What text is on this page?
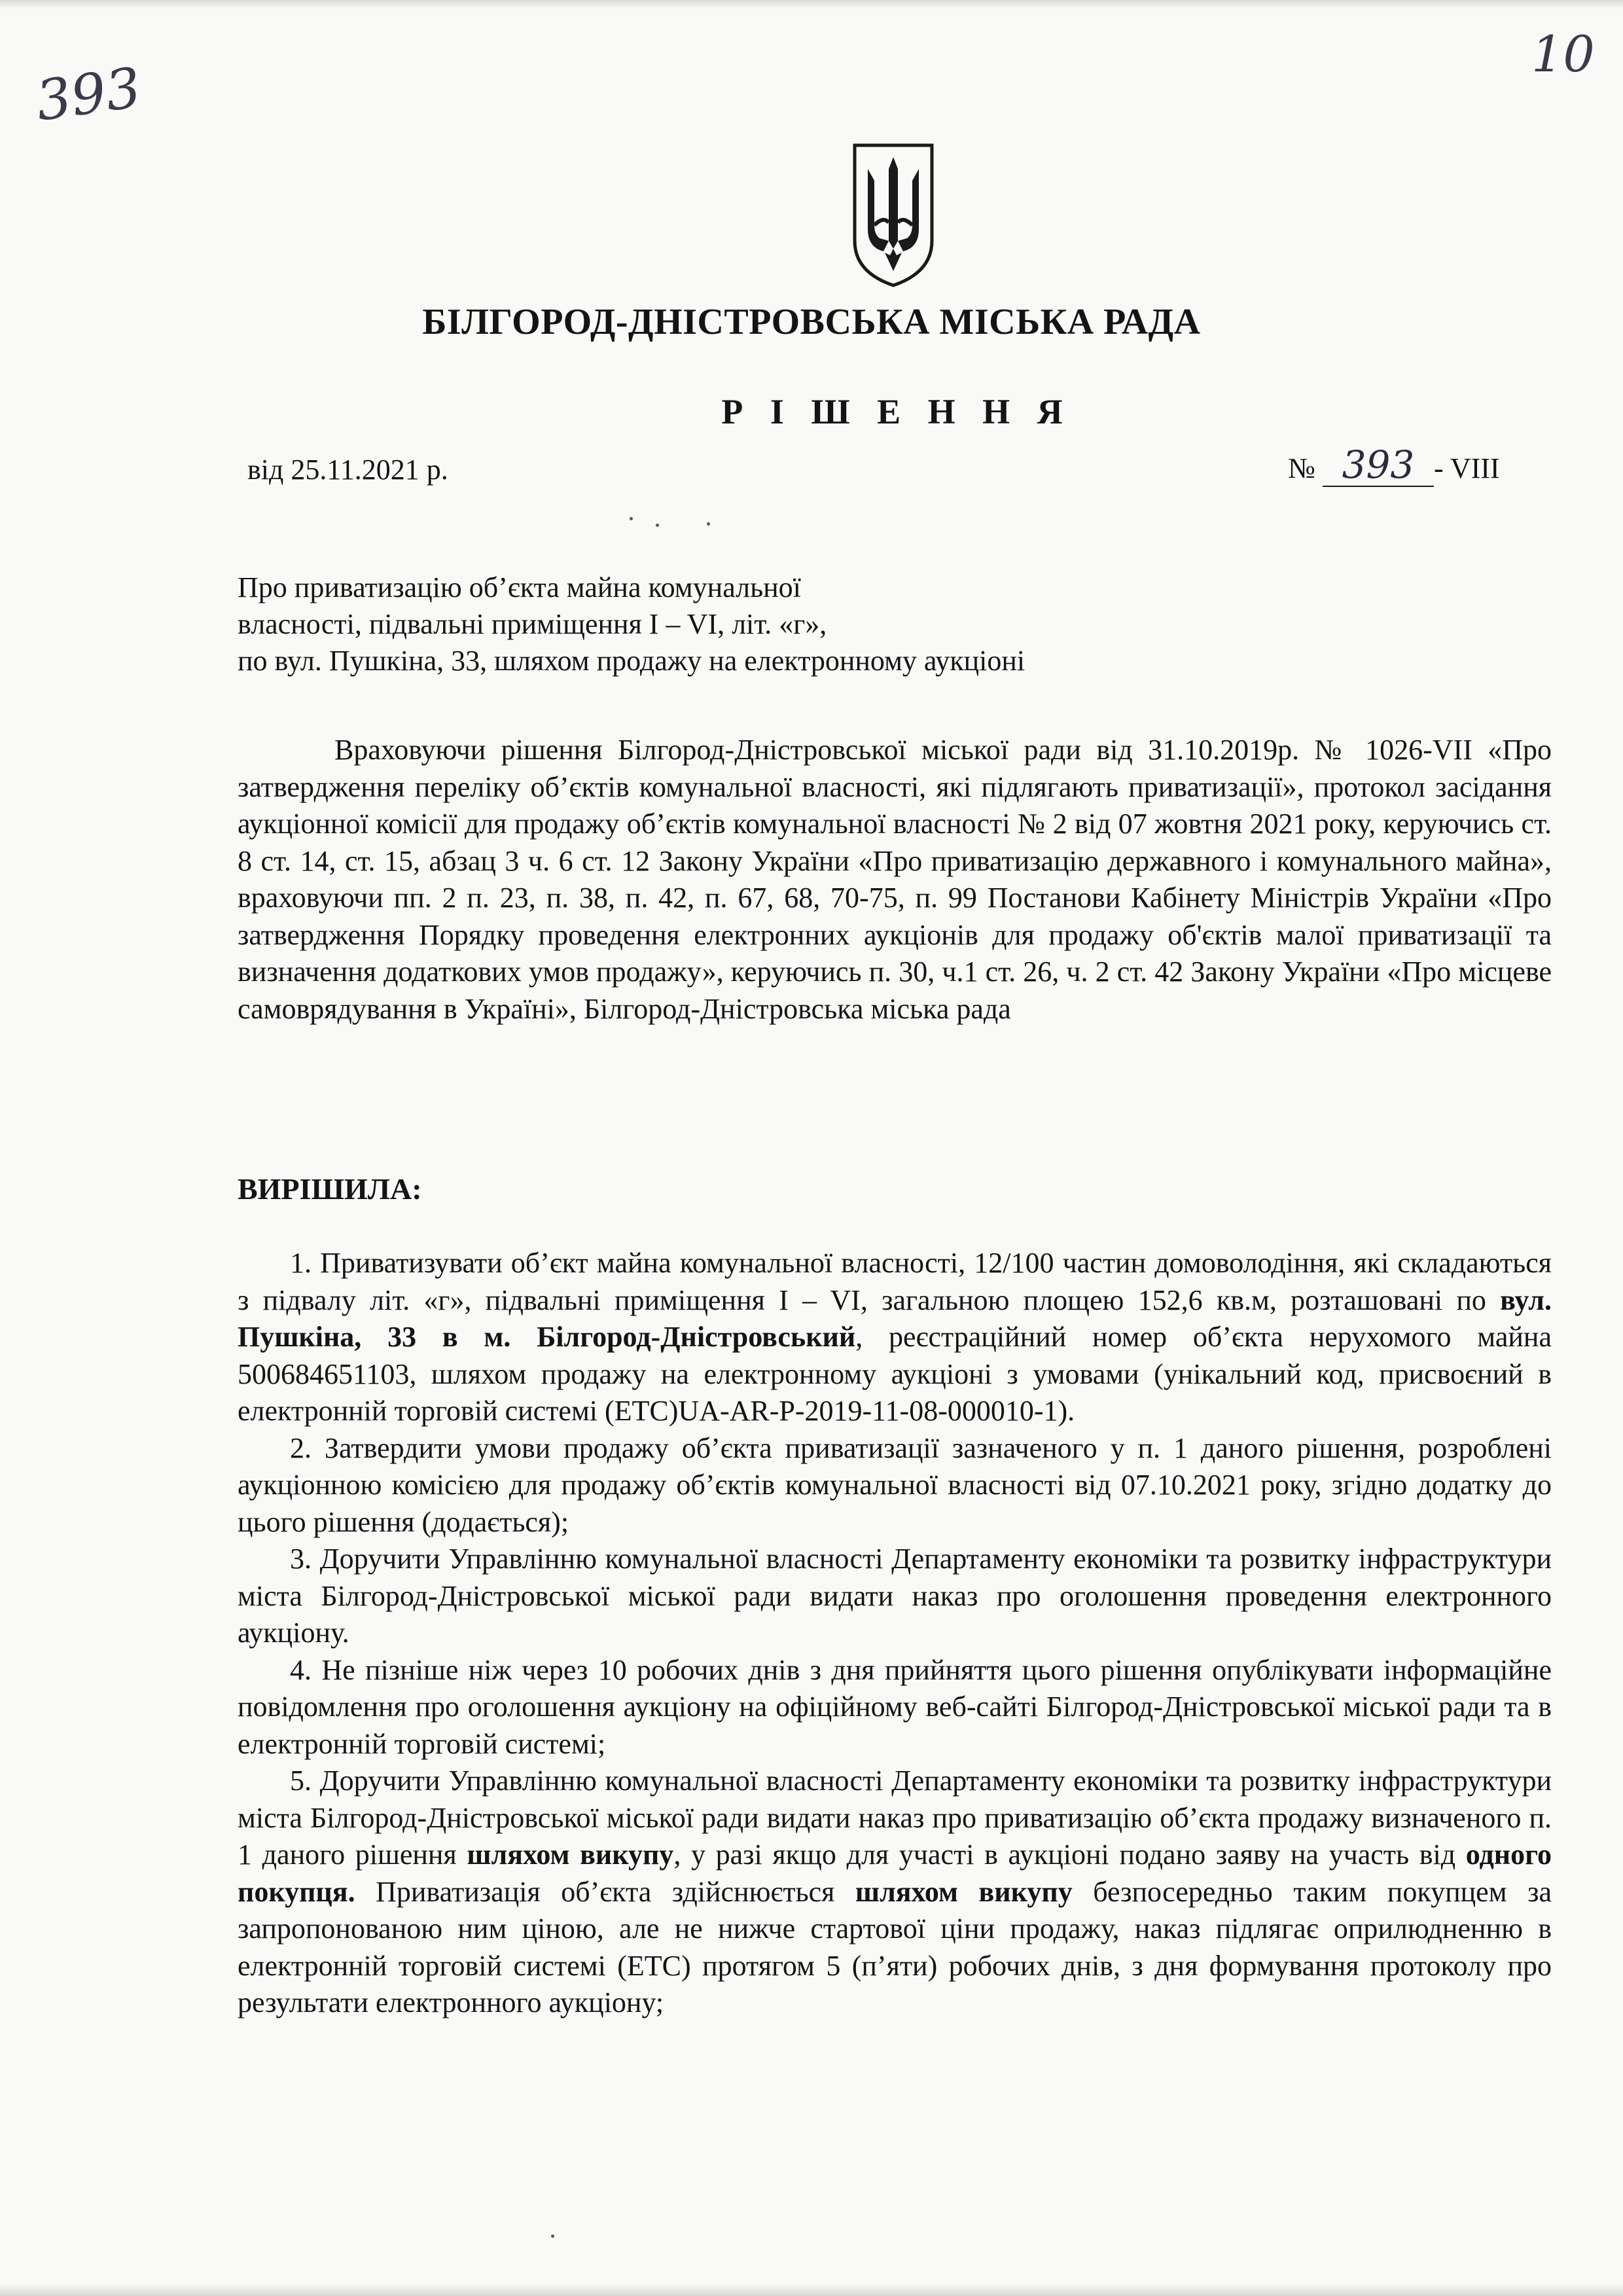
393
10
БІЛГОРОД-ДНІСТРОВСЬКА МІСЬКА РАДА
Р І Ш Е Н Н Я
від 25.11.2021 р.	№ 393 - VIII
Про приватизацію об’єкта майна комунальної
власності, підвальні приміщення I – VI, літ. «г»,
по вул. Пушкіна, 33, шляхом продажу на електронному аукціоні
Враховуючи рішення Білгород-Дністровської міської ради від 31.10.2019р. № 1026-VII «Про затвердження переліку об’єктів комунальної власності, які підлягають приватизації», протокол засідання аукціонної комісії для продажу об’єктів комунальної власності № 2 від 07 жовтня 2021 року, керуючись ст. 8 ст. 14, ст. 15, абзац 3 ч. 6 ст. 12 Закону України «Про приватизацію державного і комунального майна», враховуючи пп. 2 п. 23, п. 38, п. 42, п. 67, 68, 70-75, п. 99 Постанови Кабінету Міністрів України «Про затвердження Порядку проведення електронних аукціонів для продажу об'єктів малої приватизації та визначення додаткових умов продажу», керуючись п. 30, ч.1 ст. 26, ч. 2 ст. 42 Закону України «Про місцеве самоврядування в Україні», Білгород-Дністровська міська рада
ВИРІШИЛА:

1. Приватизувати об’єкт майна комунальної власності, 12/100 частин домоволодіння, які складаються з підвалу літ. «г», підвальні приміщення I – VI, загальною площею 152,6 кв.м, розташовані по вул. Пушкіна, 33 в м. Білгород-Дністровський, реєстраційний номер об’єкта нерухомого майна 500684651103, шляхом продажу на електронному аукціоні з умовами (унікальний код, присвоєний в електронній торговій системі (ЕТС)UA-AR-P-2019-11-08-000010-1).

2. Затвердити умови продажу об’єкта приватизації зазначеного у п. 1 даного рішення, розроблені аукціонною комісією для продажу об’єктів комунальної власності від 07.10.2021 року, згідно додатку до цього рішення (додається);

3. Доручити Управлінню комунальної власності Департаменту економіки та розвитку інфраструктури міста Білгород-Дністровської міської ради видати наказ про оголошення проведення електронного аукціону.

4. Не пізніше ніж через 10 робочих днів з дня прийняття цього рішення опублікувати інформаційне повідомлення про оголошення аукціону на офіційному веб-сайті Білгород-Дністровської міської ради та в електронній торговій системі;

5. Доручити Управлінню комунальної власності Департаменту економіки та розвитку інфраструктури міста Білгород-Дністровської міської ради видати наказ про приватизацію об’єкта продажу визначеного п. 1 даного рішення шляхом викупу, у разі якщо для участі в аукціоні подано заяву на участь від одного покупця. Приватизація об’єкта здійснюється шляхом викупу безпосередньо таким покупцем за запропонованою ним ціною, але не нижче стартової ціни продажу, наказ підлягає оприлюдненню в електронній торговій системі (ЕТС) протягом 5 (п’яти) робочих днів, з дня формування протоколу про результати електронного аукціону;
